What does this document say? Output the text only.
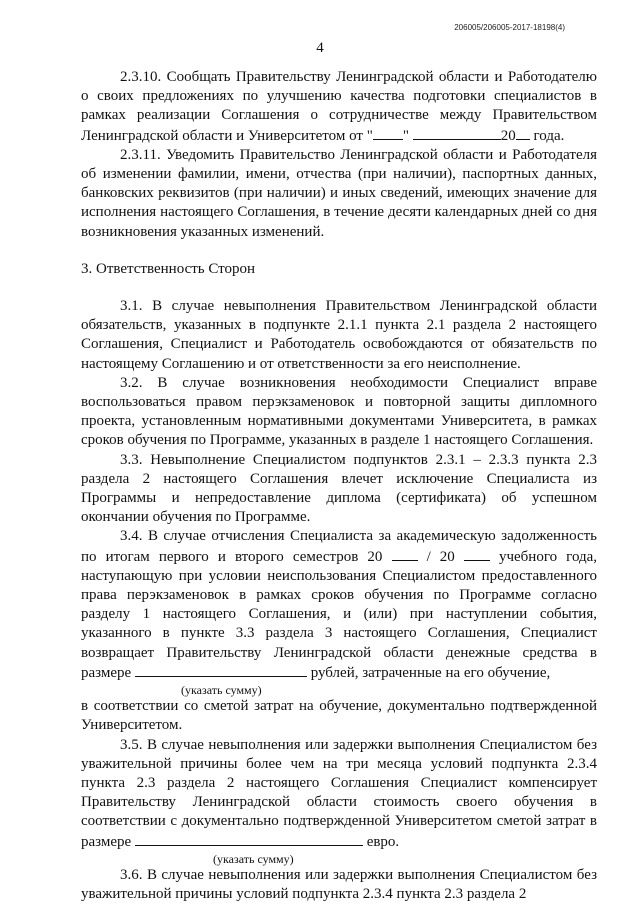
206005/206005-2017-18198(4)
4

2.3.10. Сообщать Правительству Ленинградской области и Работодателю о своих предложениях по улучшению качества подготовки специалистов в рамках реализации Соглашения о сотрудничестве между Правительством Ленинградской области и Университетом от " "	20 года.

2.3.11. Уведомить Правительство Ленинградской области и Работодателя об изменении фамилии, имени, отчества (при наличии), паспортных данных, банковских реквизитов (при наличии) и иных сведений, имеющих значение для исполнения настоящего Соглашения, в течение десяти календарных дней со дня возникновения указанных изменений.

3. Ответственность Сторон

3.1. В случае невыполнения Правительством Ленинградской области обязательств, указанных в подпункте 2.1.1 пункта 2.1 раздела 2 настоящего Соглашения, Специалист и Работодатель освобождаются от обязательств по настоящему Соглашению и от ответственности за его неисполнение.

3.2. В случае возникновения необходимости Специалист вправе воспользоваться правом перэкзаменовок и повторной защиты дипломного проекта, установленным нормативными документами Университета, в рамках сроков обучения по Программе, указанных в разделе 1 настоящего Соглашения.

3.3. Невыполнение Специалистом подпунктов 2.3.1 – 2.3.3 пункта 2.3 раздела 2 настоящего Соглашения влечет исключение Специалиста из Программы и непредоставление диплома (сертификата) об успешном окончании обучения по Программе.

3.4. В случае отчисления Специалиста за академическую задолженность по итогам первого и второго семестров 20	/ 20	учебного года, наступающую при условии неиспользования Специалистом предоставленного права перэкзаменовок в рамках сроков обучения по Программе согласно разделу 1 настоящего Соглашения, и (или) при наступлении события, указанного в пункте 3.3 раздела 3 настоящего Соглашения, Специалист возвращает Правительству Ленинградской области денежные средства в размере	рублей, затраченные на его обучение,

(указать сумму)

в соответствии со сметой затрат на обучение, документально подтвержденной Университетом.

3.5. В случае невыполнения или задержки выполнения Специалистом без уважительной причины более чем на три месяца условий подпункта 2.3.4 пункта 2.3 раздела 2 настоящего Соглашения Специалист компенсирует Правительству Ленинградской области стоимость своего обучения в соответствии с документально подтвержденной Университетом сметой затрат в размере	евро.

(указать сумму)

3.6. В случае невыполнения или задержки выполнения Специалистом без уважительной причины условий подпункта 2.3.4 пункта 2.3 раздела 2
